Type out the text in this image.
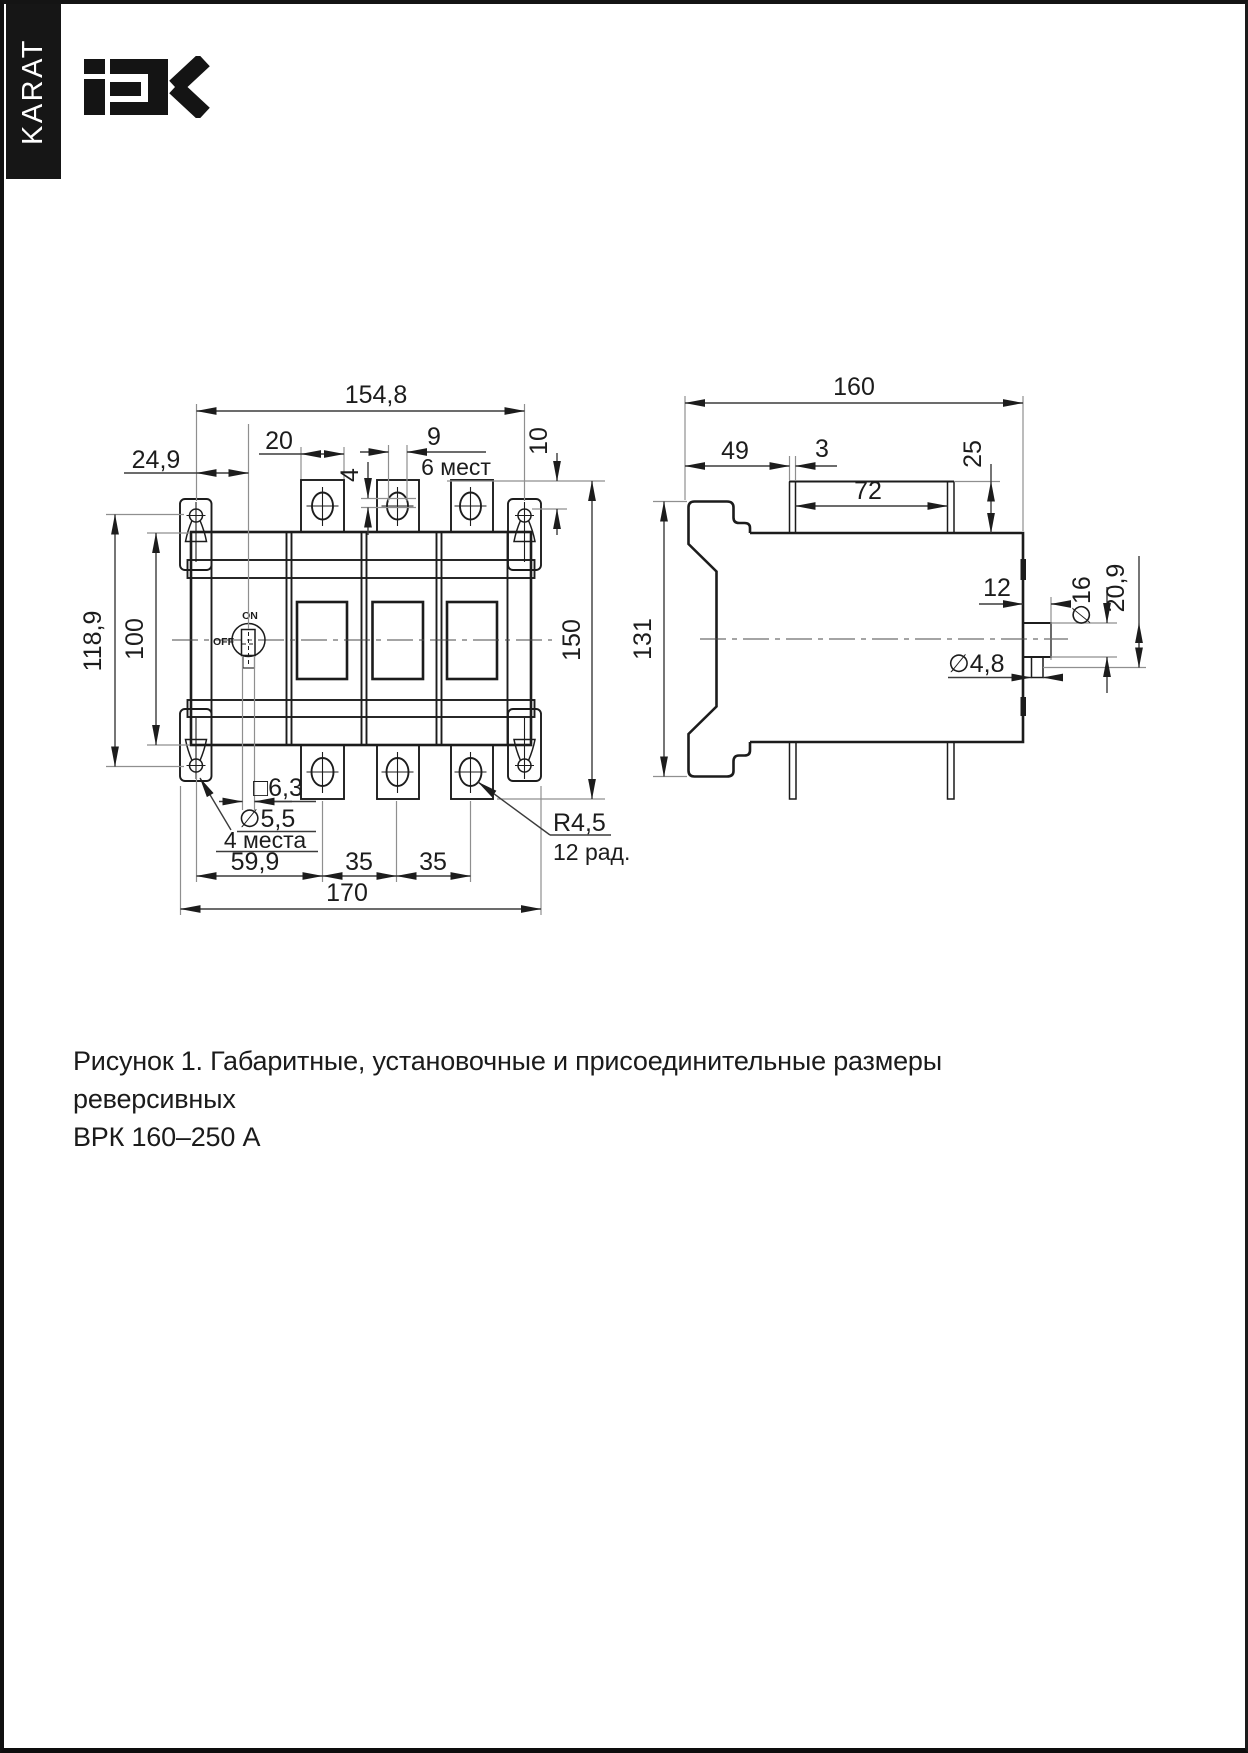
KARAT
ON
OFF
154,8
20	9
6 мест
4
10
24,9
118,9 100	150
59,9	35 35
170
□6,3
∅5,5
4 места
R4,5
12 рад.
160
49	3
72
25
131
12 ∅16 20,9
∅4,8
Рисунок 1. Габаритные, установочные и присоединительные размеры реверсивных
ВРК 160–250 А
